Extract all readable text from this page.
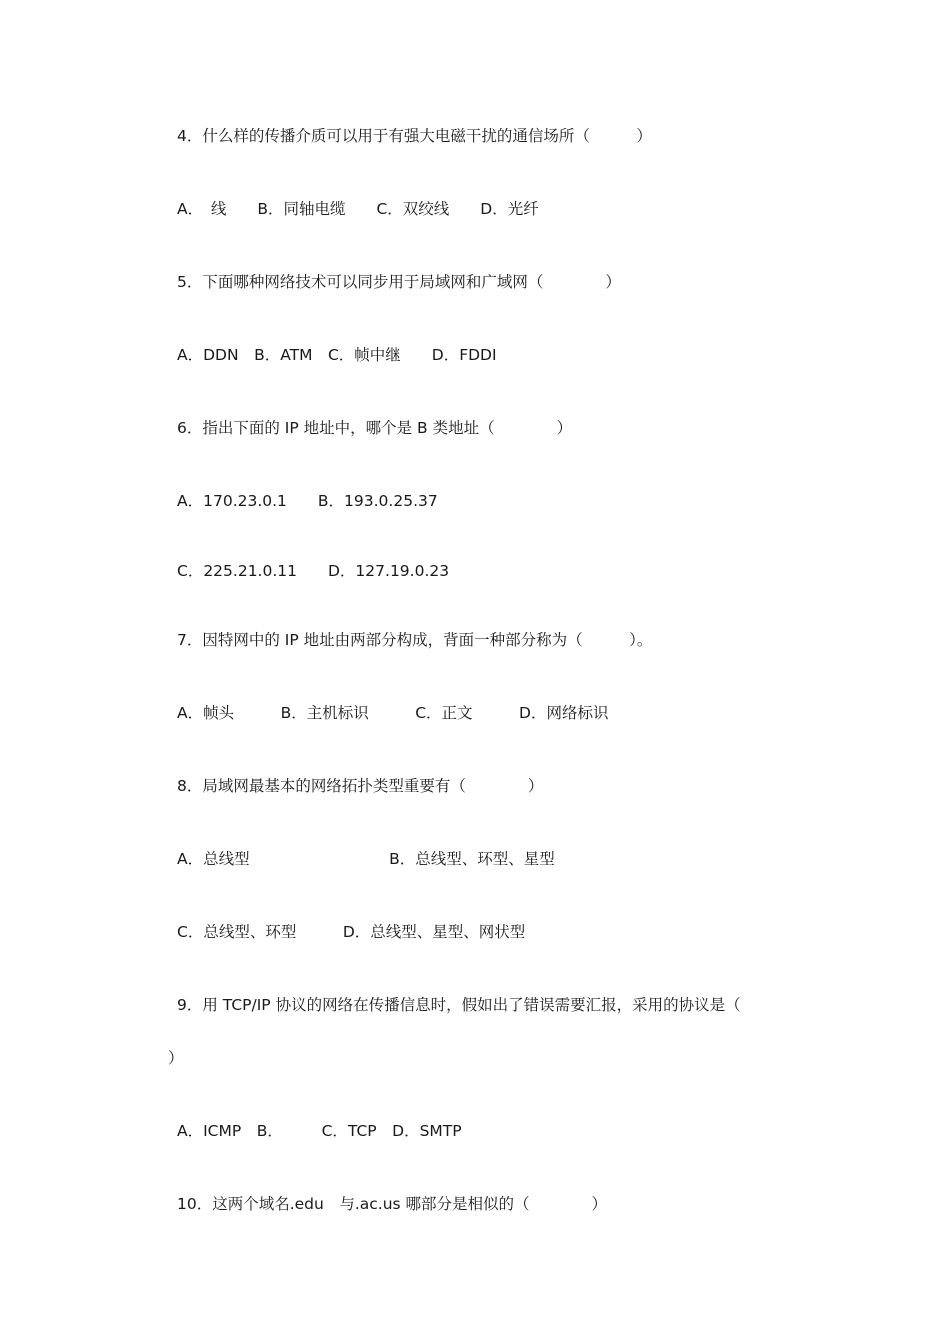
4．什么样的传播介质可以用于有强大电磁干扰的通信场所（　　　）
A．　线　　B．同轴电缆　　C．双绞线　　D．光纤
5．下面哪种网络技术可以同步用于局域网和广域网（　　　　）
A．DDN　B．ATM　C．帧中继　　D．FDDI
6．指出下面的 IP 地址中，哪个是 B 类地址（　　　　）
A．170.23.0.1　　B．193.0.25.37
C．225.21.0.11　　D．127.19.0.23
7．因特网中的 IP 地址由两部分构成，背面一种部分称为（　　　）。
A．帧头　　　B．主机标识　　　C．正文　　　D．网络标识
8．局域网最基本的网络拓扑类型重要有（　　　　）
A．总线型　　　　　　　　　B．总线型、环型、星型
C．总线型、环型　　　D．总线型、星型、网状型
9．用 TCP/IP 协议的网络在传播信息时，假如出了错误需要汇报，采用的协议是（
）
A．ICMP　B．　　　C．TCP　D．SMTP
10．这两个域名.edu　与.ac.us 哪部分是相似的（　　　　）
